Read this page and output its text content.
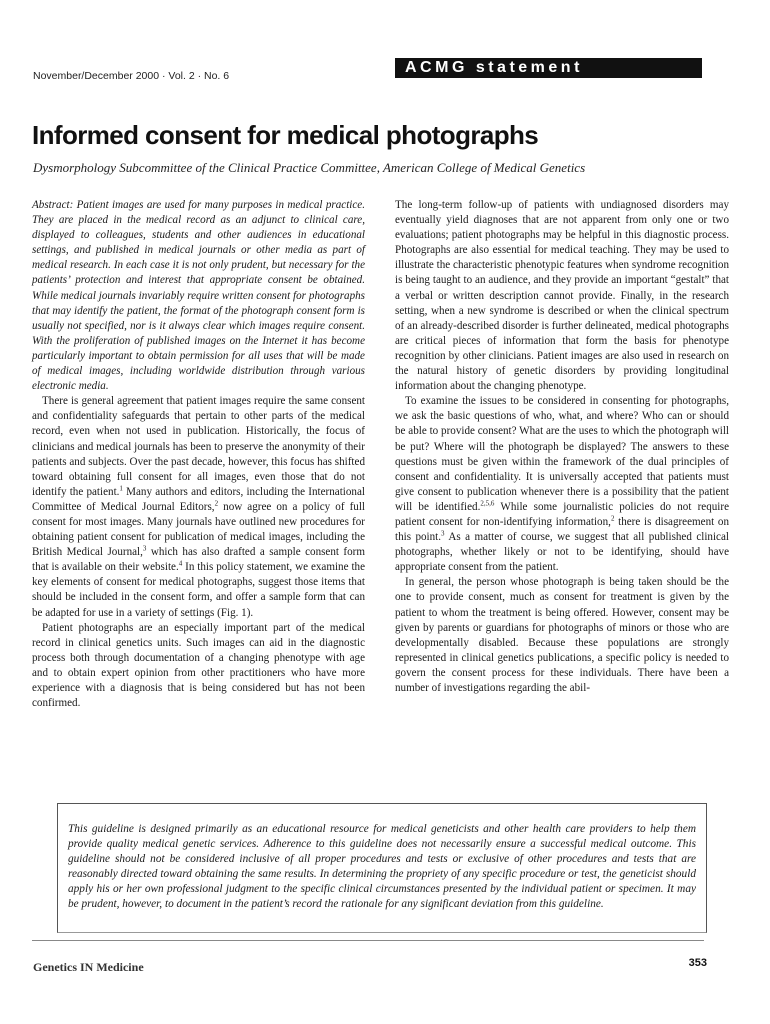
November/December 2000 · Vol. 2 · No. 6	ACMG statement
Informed consent for medical photographs
Dysmorphology Subcommittee of the Clinical Practice Committee, American College of Medical Genetics

Abstract: Patient images are used for many purposes in medical practice. They are placed in the medical record as an adjunct to clinical care, displayed to colleagues, students and other audiences in educational settings, and published in medical journals or other media as part of medical research. In each case it is not only prudent, but necessary for the patients’ protection and interest that appropriate consent be obtained. While medical journals invariably require written consent for photographs that may identify the patient, the format of the photograph consent form is usually not specified, nor is it always clear which images require consent. With the proliferation of published images on the Internet it has become particularly important to obtain permission for all uses that will be made of medical images, including worldwide distribution through various electronic media.

There is general agreement that patient images require the same consent and confidentiality safeguards that pertain to other parts of the medical record, even when not used in publication. Historically, the focus of clinicians and medical journals has been to preserve the anonymity of their patients and subjects. Over the past decade, however, this focus has shifted toward obtaining full consent for all images, even those that do not identify the patient.$^1$ Many authors and editors, including the International Committee of Medical Journal Editors,$^2$ now agree on a policy of full consent for most images. Many journals have outlined new procedures for obtaining patient consent for publication of medical images, including the British Medical Journal,$^3$ which has also drafted a sample consent form that is available on their website.$^4$ In this policy statement, we examine the key elements of consent for medical photographs, suggest those items that should be included in the consent form, and offer a sample form that can be adapted for use in a variety of settings (Fig. 1).

Patient photographs are an especially important part of the medical record in clinical genetics units. Such images can aid in the diagnostic process both through documentation of a changing phenotype with age and to obtain expert opinion from other practitioners who have more experience with a diagnosis that is being considered but has not been confirmed.

The long-term follow-up of patients with undiagnosed disorders may eventually yield diagnoses that are not apparent from only one or two evaluations; patient photographs may be helpful in this diagnostic process. Photographs are also essential for medical teaching. They may be used to illustrate the characteristic phenotypic features when syndrome recognition is being taught to an audience, and they provide an important “gestalt” that a verbal or written description cannot provide. Finally, in the research setting, when a new syndrome is described or when the clinical spectrum of an already-described disorder is further delineated, medical photographs are critical pieces of information that form the basis for phenotype recognition by other clinicians. Patient images are also used in research on the natural history of genetic disorders by providing longitudinal information about the changing phenotype.

To examine the issues to be considered in consenting for photographs, we ask the basic questions of who, what, and where? Who can or should be able to provide consent? What are the uses to which the photograph will be put? Where will the photograph be displayed? The answers to these questions must be given within the framework of the dual principles of consent and confidentiality. It is universally accepted that patients must give consent to publication whenever there is a possibility that the patient will be identified.$^{2,5,6}$ While some journalistic policies do not require patient consent for non-identifying information,$^2$ there is disagreement on this point.$^3$ As a matter of course, we suggest that all published clinical photographs, whether likely or not to be identifying, should have appropriate consent from the patient.

In general, the person whose photograph is being taken should be the one to provide consent, much as consent for treatment is given by the patient to whom the treatment is being offered. However, consent may be given by parents or guardians for photographs of minors or those who are developmentally disabled. Because these populations are strongly represented in clinical genetics publications, a specific policy is needed to govern the consent process for these individuals. There have been a number of investigations regarding the abil-

This guideline is designed primarily as an educational resource for medical geneticists and other health care providers to help them provide quality medical genetic services. Adherence to this guideline does not necessarily ensure a successful medical outcome. This guideline should not be considered inclusive of all proper procedures and tests or exclusive of other procedures and tests that are reasonably directed toward obtaining the same results. In determining the propriety of any specific procedure or test, the geneticist should apply his or her own professional judgment to the specific clinical circumstances presented by the individual patient or specimen. It may be prudent, however, to document in the patient’s record the rationale for any significant deviation from this guideline.

Genetics IN Medicine	353
